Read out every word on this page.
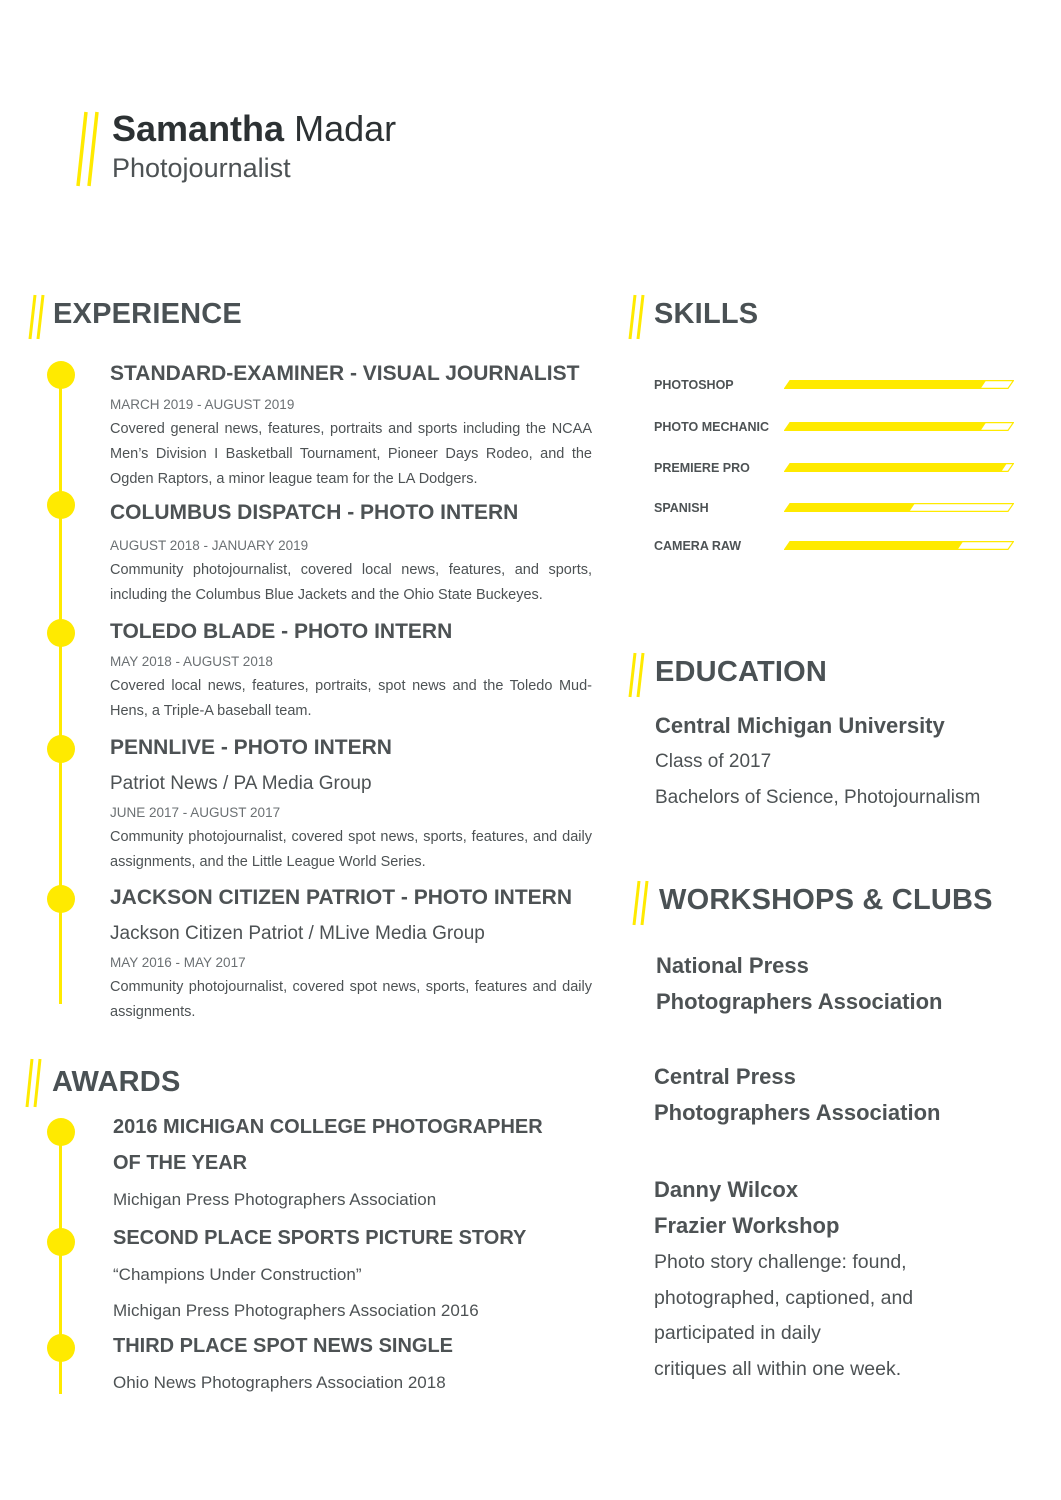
Samantha Madar
Photojournalist
EXPERIENCE
STANDARD-EXAMINER - VISUAL JOURNALIST
MARCH 2019 - AUGUST 2019
Covered general news, features, portraits and sports including the NCAA Men’s Division I Basketball Tournament, Pioneer Days Rodeo, and the Ogden Raptors, a minor league team for the LA Dodgers.
COLUMBUS DISPATCH - PHOTO INTERN
AUGUST 2018 - JANUARY 2019
Community photojournalist, covered local news, features, and sports, including the Columbus Blue Jackets and the Ohio State Buckeyes.
TOLEDO BLADE - PHOTO INTERN
MAY 2018 - AUGUST 2018
Covered local news, features, portraits, spot news and the Toledo Mud-Hens, a Triple-A baseball team.
PENNLIVE - PHOTO INTERN
Patriot News / PA Media Group
JUNE 2017 - AUGUST 2017
Community photojournalist, covered spot news, sports, features, and daily assignments, and the Little League World Series.
JACKSON CITIZEN PATRIOT - PHOTO INTERN
Jackson Citizen Patriot / MLive Media Group
MAY 2016 - MAY 2017
Community photojournalist, covered spot news, sports, features and daily assignments.
AWARDS
2016 MICHIGAN COLLEGE PHOTOGRAPHER
OF THE YEAR
Michigan Press Photographers Association
SECOND PLACE SPORTS PICTURE STORY
“Champions Under Construction”
Michigan Press Photographers Association 2016
THIRD PLACE SPOT NEWS SINGLE
Ohio News Photographers Association 2018
SKILLS
PHOTOSHOP
PHOTO MECHANIC
PREMIERE PRO
SPANISH
CAMERA RAW
EDUCATION
Central Michigan University
Class of 2017
Bachelors of Science, Photojournalism
WORKSHOPS & CLUBS
National Press
Photographers Association
Central Press
Photographers Association
Danny Wilcox
Frazier Workshop
Photo story challenge: found,
photographed, captioned, and
participated in daily
critiques all within one week.
